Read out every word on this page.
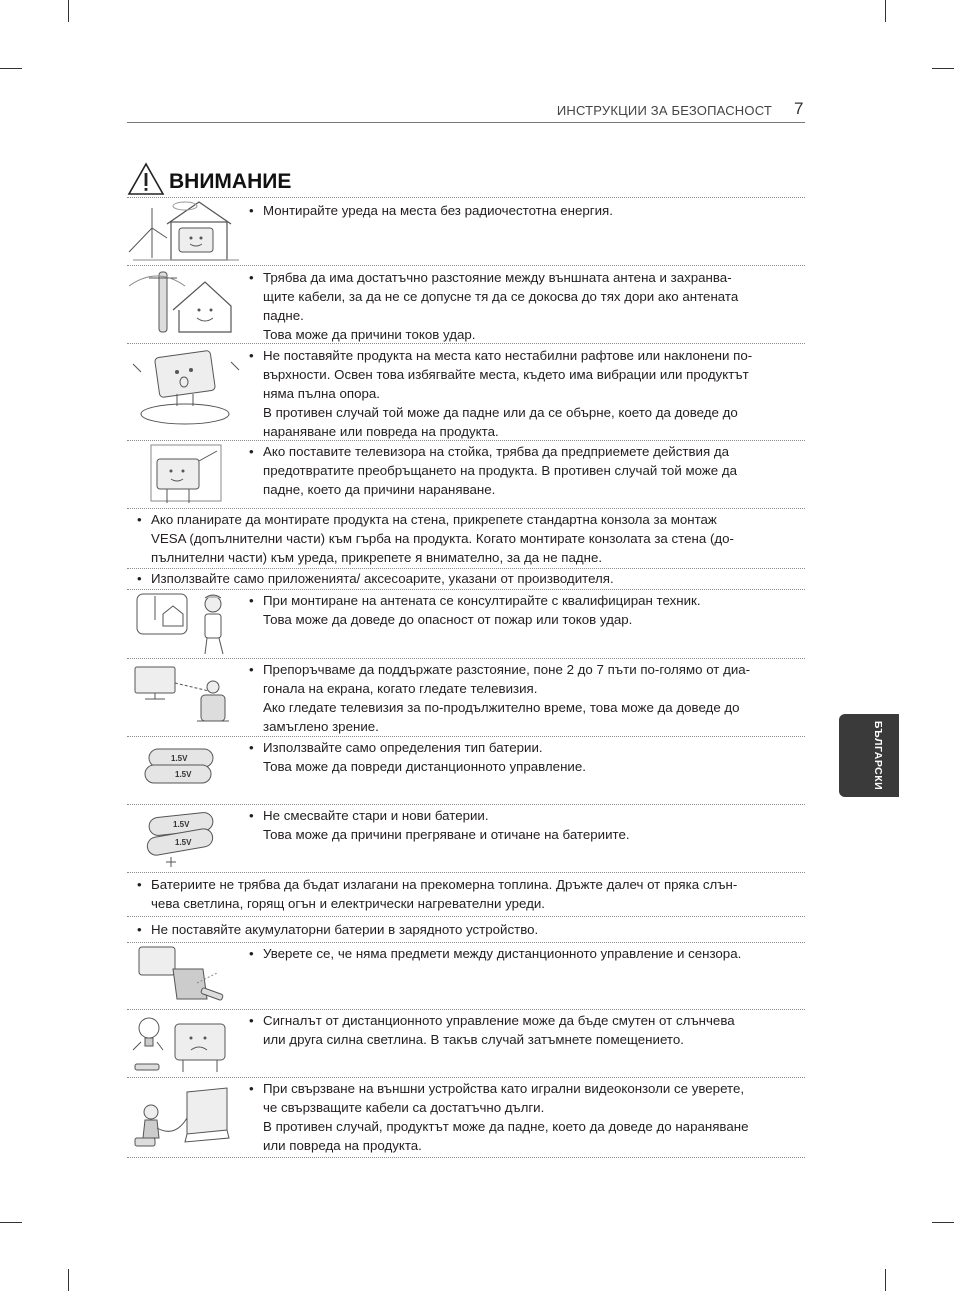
ИНСТРУКЦИИ ЗА БЕЗОПАСНОСТ 7
ВНИМАНИЕ

• Монтирайте уреда на места без радиочестотна енергия.

• Трябва да има достатъчно разстояние между външната антена и захранва-

щите кабели, за да не се допусне тя да се докосва до тях дори ако антената

падне.

Това може да причини токов удар.

• Не поставяйте продукта на места като нестабилни рафтове или наклонени по-

върхности. Освен това избягвайте места, където има вибрации или продуктът

няма пълна опора.

В противен случай той може да падне или да се обърне, което да доведе до

нараняване или повреда на продукта.

• Ако поставите телевизора на стойка, трябва да предприемете действия да

предотвратите преобръщането на продукта. В противен случай той може да

падне, което да причини нараняване.

• Ако планирате да монтирате продукта на стена, прикрепете стандартна конзола за монтаж

VESA (допълнителни части) към гърба на продукта. Когато монтирате конзолата за стена (до-

пълнителни части) към уреда, прикрепете я внимателно, за да не падне.

• Използвайте само приложенията/ аксесоарите, указани от производителя.

• При монтиране на антената се консултирайте с квалифициран техник.

Това може да доведе до опасност от пожар или токов удар.

• Препоръчваме да поддържате разстояние, поне 2 до 7 пъти по-голямо от диа-

гонала на екрана, когато гледате телевизия.

Ако гледате телевизия за по-продължително време, това може да доведе до

замъглено зрение.

1.5V
1.5V

• Използвайте само определения тип батерии.

Това може да повреди дистанционното управление.

1.5V
1.5V

• Не смесвайте стари и нови батерии.

Това може да причини прегряване и отичане на батериите.

• Батериите не трябва да бъдат излагани на прекомерна топлина. Дръжте далеч от пряка слън-

чева светлина, горящ огън и електрически нагревателни уреди.

• Не поставяйте акумулаторни батерии в зарядното устройство.

• Уверете се, че няма предмети между дистанционното управление и сензора.

• Сигналът от дистанционното управление може да бъде смутен от слънчева

или друга силна светлина. В такъв случай затъмнете помещението.

• При свързване на външни устройства като игрални видеоконзоли се уверете,

че свързващите кабели са достатъчно дълги.

В противен случай, продуктът може да падне, което да доведе до нараняване

или повреда на продукта.

БЪЛГАРСКИ
